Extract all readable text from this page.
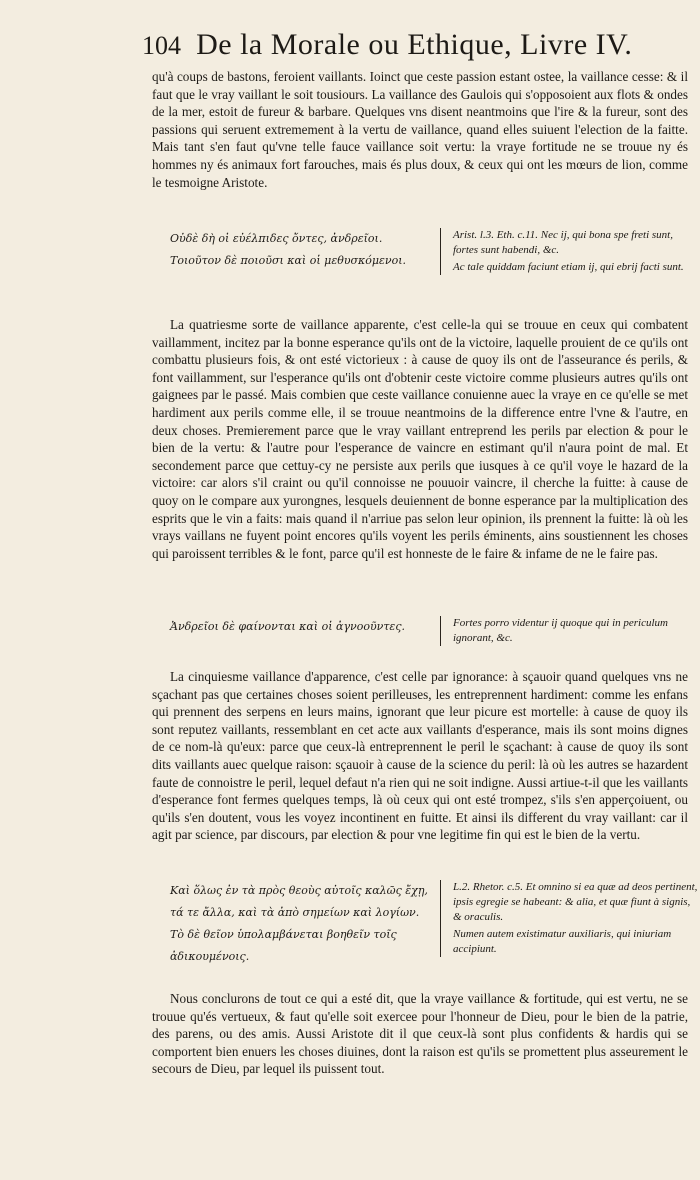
104 De la Morale ou Ethique, Livre IV.

qu'à coups de bastons, feroient vaillants. Ioinct que ceste passion estant ostee, la vaillance cesse: & il faut que le vray vaillant le soit tousiours. La vaillance des Gaulois qui s'opposoient aux flots & ondes de la mer, estoit de fureur & barbare. Quelques vns disent neantmoins que l'ire & la fureur, sont des passions qui seruent extremement à la vertu de vaillance, quand elles suiuent l'election de la faitte. Mais tant s'en faut qu'vne telle fauce vaillance soit vertu: la vraye fortitude ne se trouue ny és hommes ny és animaux fort farouches, mais és plus doux, & ceux qui ont les mœurs de lion, comme le tesmoigne Aristote.

Οὐδὲ δὴ οἱ εὐέλπιδες ὄντες, ἀνδρεῖοι.

Τοιοῦτον δὲ ποιοῦσι καὶ οἱ μεθυσκόμενοι.

Arist. l.3. Eth. c.11. Nec ij, qui bona spe freti sunt, fortes sunt habendi, &c.

Ac tale quiddam faciunt etiam ij, qui ebrij facti sunt.

La quatriesme sorte de vaillance apparente, c'est celle-la qui se trouue en ceux qui combatent vaillamment, incitez par la bonne esperance qu'ils ont de la victoire, laquelle prouient de ce qu'ils ont combattu plusieurs fois, & ont esté victorieux : à cause de quoy ils ont de l'asseurance és perils, & font vaillamment, sur l'esperance qu'ils ont d'obtenir ceste victoire comme plusieurs autres qu'ils ont gaignees par le passé. Mais combien que ceste vaillance conuienne auec la vraye en ce qu'elle se met hardiment aux perils comme elle, il se trouue neantmoins de la difference entre l'vne & l'autre, en deux choses. Premierement parce que le vray vaillant entreprend les perils par election & pour le bien de la vertu: & l'autre pour l'esperance de vaincre en estimant qu'il n'aura point de mal. Et secondement parce que cettuy-cy ne persiste aux perils que iusques à ce qu'il voye le hazard de la victoire: car alors s'il craint ou qu'il connoisse ne pouuoir vaincre, il cherche la fuitte: à cause de quoy on le compare aux yurongnes, lesquels deuiennent de bonne esperance par la multiplication des esprits que le vin a faits: mais quand il n'arriue pas selon leur opinion, ils prennent la fuitte: là où les vrays vaillans ne fuyent point encores qu'ils voyent les perils éminents, ains soustiennent les choses qui paroissent terribles & le font, parce qu'il est honneste de le faire & infame de ne le faire pas.

Ἀνδρεῖοι δὲ φαίνονται καὶ οἱ ἀγνοοῦντες.	Fortes porro videntur ij quoque qui in periculum ignorant, &c.

La cinquiesme vaillance d'apparence, c'est celle par ignorance: à sçauoir quand quelques vns ne sçachant pas que certaines choses soient perilleuses, les entreprennent hardiment: comme les enfans qui prennent des serpens en leurs mains, ignorant que leur picure est mortelle: à cause de quoy ils sont reputez vaillants, ressemblant en cet acte aux vaillants d'esperance, mais ils sont moins dignes de ce nom-là qu'eux: parce que ceux-là entreprennent le peril le sçachant: à cause de quoy ils sont dits vaillants auec quelque raison: sçauoir à cause de la science du peril: là où les autres se hazardent faute de connoistre le peril, lequel defaut n'a rien qui ne soit indigne. Aussi artiue-t-il que les vaillants d'esperance font fermes quelques temps, là où ceux qui ont esté trompez, s'ils s'en apperçoiuent, ou qu'ils s'en doutent, vous les voyez incontinent en fuitte. Et ainsi ils different du vray vaillant: car il agit par science, par discours, par election & pour vne legitime fin qui est le bien de la vertu.

Καὶ ὅλως ἐν τὰ πρὸς θεοὺς αὐτοῖς καλῶς ἔχῃ, τά τε ἄλλα, καὶ τὰ ἀπὸ σημείων καὶ λογίων.

Τὸ δὲ θεῖον ὑπολαμβάνεται βοηθεῖν τοῖς ἀδικουμένοις.

L.2. Rhetor. c.5. Et omnino si ea quæ ad deos pertinent, ipsis egregie se habeant: & alia, et quæ fiunt à signis, & oraculis.

Numen autem existimatur auxiliaris, qui iniuriam accipiunt.

Nous conclurons de tout ce qui a esté dit, que la vraye vaillance & fortitude, qui est vertu, ne se trouue qu'és vertueux, & faut qu'elle soit exercee pour l'honneur de Dieu, pour le bien de la patrie, des parens, ou des amis. Aussi Aristote dit il que ceux-là sont plus confidents & hardis qui se comportent bien enuers les choses diuines, dont la raison est qu'ils se promettent plus asseurement le secours de Dieu, par lequel ils puissent tout.
